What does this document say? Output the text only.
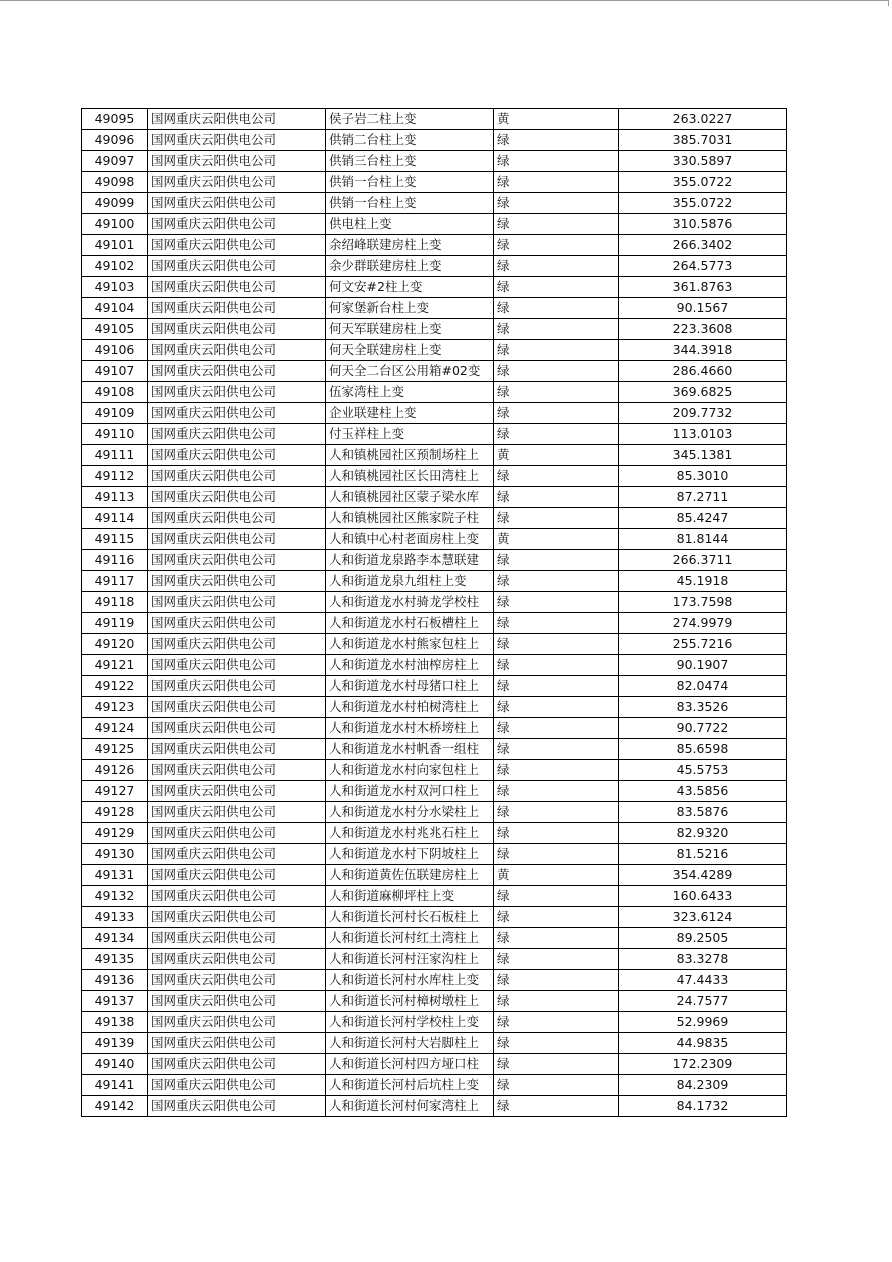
49095	国网重庆云阳供电公司	侯子岩二柱上变	黄	263.0227
49096	国网重庆云阳供电公司	供销二台柱上变	绿	385.7031
49097	国网重庆云阳供电公司	供销三台柱上变	绿	330.5897
49098	国网重庆云阳供电公司	供销一台柱上变	绿	355.0722
49099	国网重庆云阳供电公司	供销一台柱上变	绿	355.0722
49100	国网重庆云阳供电公司	供电柱上变	绿	310.5876
49101	国网重庆云阳供电公司	余绍峰联建房柱上变	绿	266.3402
49102	国网重庆云阳供电公司	余少群联建房柱上变	绿	264.5773
49103	国网重庆云阳供电公司	何文安#2柱上变	绿	361.8763
49104	国网重庆云阳供电公司	何家堡新台柱上变	绿	90.1567
49105	国网重庆云阳供电公司	何天军联建房柱上变	绿	223.3608
49106	国网重庆云阳供电公司	何天全联建房柱上变	绿	344.3918
49107	国网重庆云阳供电公司	何天全二台区公用箱#02变	绿	286.4660
49108	国网重庆云阳供电公司	伍家湾柱上变	绿	369.6825
49109	国网重庆云阳供电公司	企业联建柱上变	绿	209.7732
49110	国网重庆云阳供电公司	付玉祥柱上变	绿	113.0103
49111	国网重庆云阳供电公司	人和镇桃园社区预制场柱上	黄	345.1381
49112	国网重庆云阳供电公司	人和镇桃园社区长田湾柱上	绿	85.3010
49113	国网重庆云阳供电公司	人和镇桃园社区蒙子梁水库	绿	87.2711
49114	国网重庆云阳供电公司	人和镇桃园社区熊家院子柱	绿	85.4247
49115	国网重庆云阳供电公司	人和镇中心村老面房柱上变	黄	81.8144
49116	国网重庆云阳供电公司	人和街道龙泉路李本慧联建	绿	266.3711
49117	国网重庆云阳供电公司	人和街道龙泉九组柱上变	绿	45.1918
49118	国网重庆云阳供电公司	人和街道龙水村骑龙学校柱	绿	173.7598
49119	国网重庆云阳供电公司	人和街道龙水村石板槽柱上	绿	274.9979
49120	国网重庆云阳供电公司	人和街道龙水村熊家包柱上	绿	255.7216
49121	国网重庆云阳供电公司	人和街道龙水村油榨房柱上	绿	90.1907
49122	国网重庆云阳供电公司	人和街道龙水村母猪口柱上	绿	82.0474
49123	国网重庆云阳供电公司	人和街道龙水村柏树湾柱上	绿	83.3526
49124	国网重庆云阳供电公司	人和街道龙水村木桥塝柱上	绿	90.7722
49125	国网重庆云阳供电公司	人和街道龙水村帆香一组柱	绿	85.6598
49126	国网重庆云阳供电公司	人和街道龙水村向家包柱上	绿	45.5753
49127	国网重庆云阳供电公司	人和街道龙水村双河口柱上	绿	43.5856
49128	国网重庆云阳供电公司	人和街道龙水村分水梁柱上	绿	83.5876
49129	国网重庆云阳供电公司	人和街道龙水村兆兆石柱上	绿	82.9320
49130	国网重庆云阳供电公司	人和街道龙水村下阴坡柱上	绿	81.5216
49131	国网重庆云阳供电公司	人和街道黄佐伍联建房柱上	黄	354.4289
49132	国网重庆云阳供电公司	人和街道麻柳坪柱上变	绿	160.6433
49133	国网重庆云阳供电公司	人和街道长河村长石板柱上	绿	323.6124
49134	国网重庆云阳供电公司	人和街道长河村红土湾柱上	绿	89.2505
49135	国网重庆云阳供电公司	人和街道长河村汪家沟柱上	绿	83.3278
49136	国网重庆云阳供电公司	人和街道长河村水库柱上变	绿	47.4433
49137	国网重庆云阳供电公司	人和街道长河村樟树墩柱上	绿	24.7577
49138	国网重庆云阳供电公司	人和街道长河村学校柱上变	绿	52.9969
49139	国网重庆云阳供电公司	人和街道长河村大岩脚柱上	绿	44.9835
49140	国网重庆云阳供电公司	人和街道长河村四方垭口柱	绿	172.2309
49141	国网重庆云阳供电公司	人和街道长河村后坑柱上变	绿	84.2309
49142	国网重庆云阳供电公司	人和街道长河村何家湾柱上	绿	84.1732
